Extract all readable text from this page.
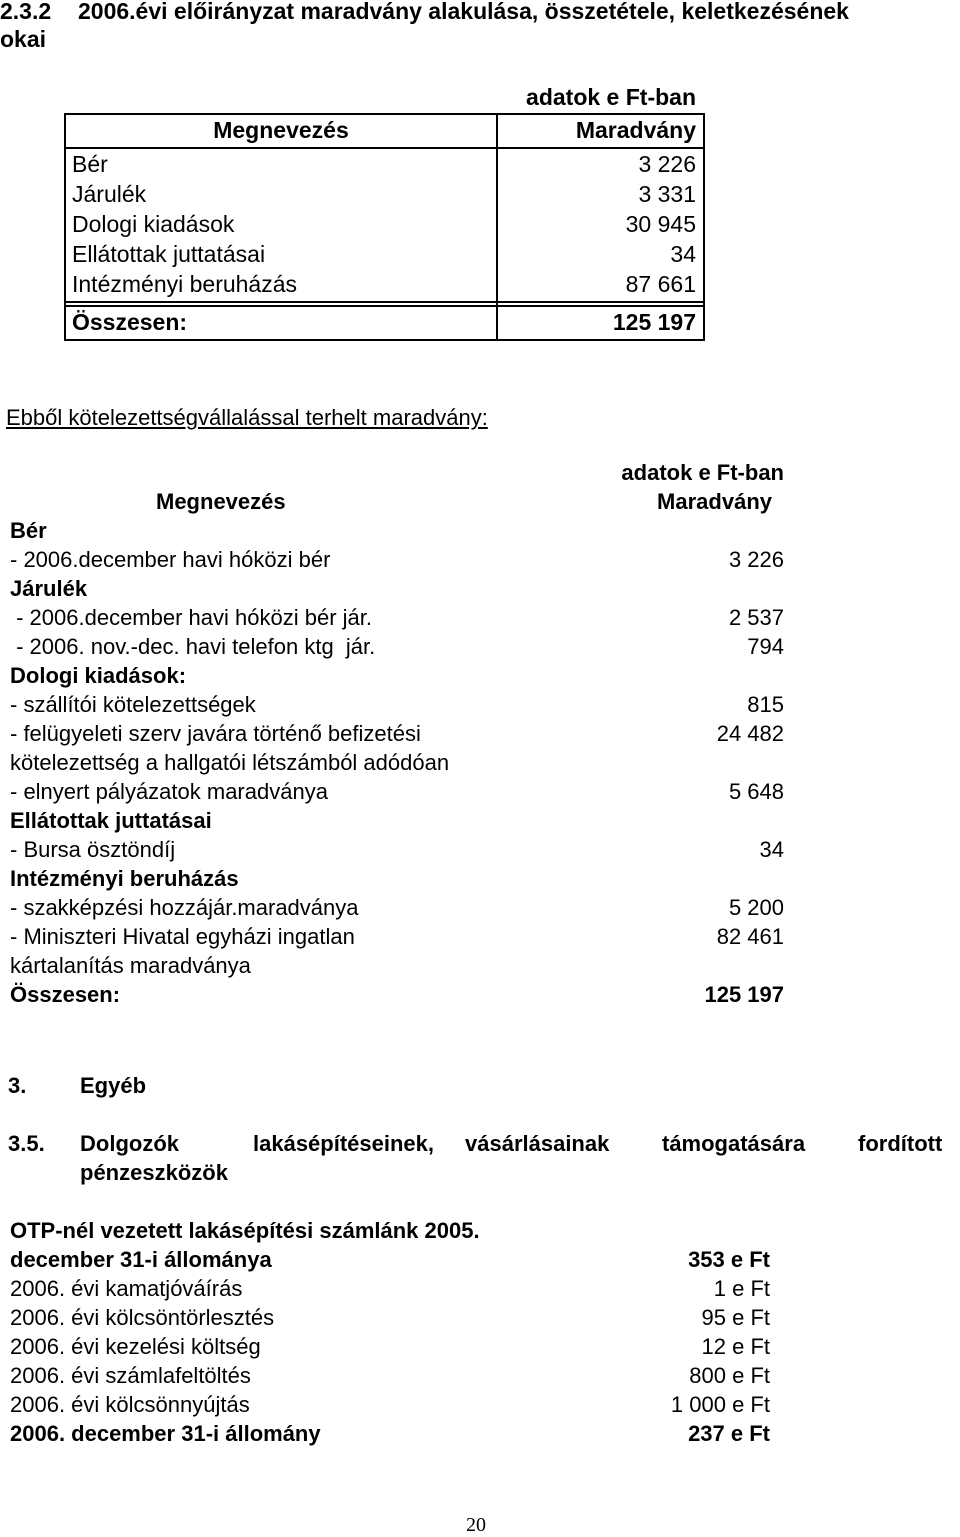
2.3.2 2006.évi előirányzat maradvány alakulása, összetétele, keletkezésének
okai
adatok e Ft-ban
Megnevezés	Maradvány
Bér	3 226
Járulék	3 331
Dologi kiadások	30 945
Ellátottak juttatásai	34
Intézményi beruházás	87 661
Összesen:	125 197
Ebből kötelezettségvállalással terhelt maradvány:
adatok e Ft-ban
Megnevezés	Maradvány
Bér
- 2006.december havi hóközi bér	3 226
Járulék
- 2006.december havi hóközi bér jár.	2 537
- 2006. nov.-dec. havi telefon ktg  jár.	794
Dologi kiadások:
- szállítói kötelezettségek	815
- felügyeleti szerv javára történő befizetési	24 482
kötelezettség a hallgatói létszámból adódóan
- elnyert pályázatok maradványa	5 648
Ellátottak juttatásai
- Bursa ösztöndíj	34
Intézményi beruházás
- szakképzési hozzájár.maradványa	5 200
- Miniszteri Hivatal egyházi ingatlan	82 461
kártalanítás maradványa
Összesen:	125 197
3. Egyéb
3.5. Dolgozók	lakásépítéseinek, vásárlásainak támogatására fordított
pénzeszközök
OTP-nél vezetett lakásépítési számlánk 2005.
december 31-i állománya	353 e Ft
2006. évi kamatjóváírás	1 e Ft
2006. évi kölcsöntörlesztés	95 e Ft
2006. évi kezelési költség	12 e Ft
2006. évi számlafeltöltés	800 e Ft
2006. évi kölcsönnyújtás	1 000 e Ft
2006. december 31-i állomány	237 e Ft
20
